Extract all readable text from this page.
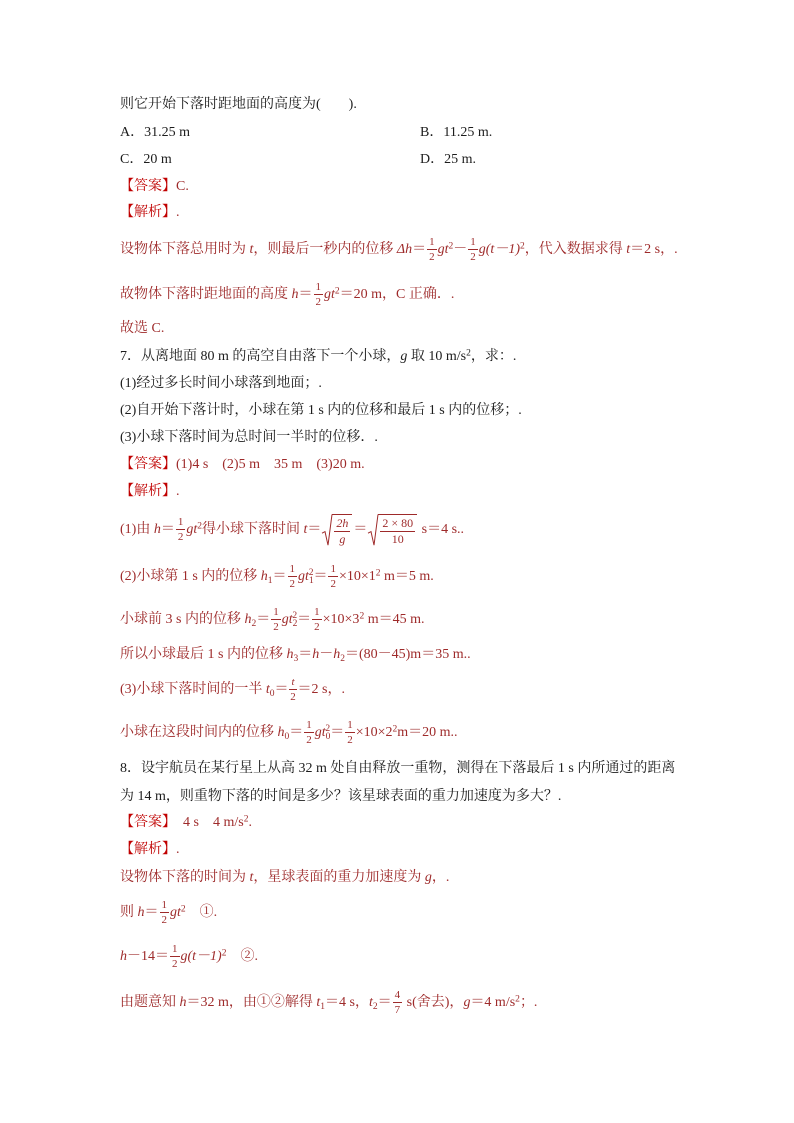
则它开始下落时距地面的高度为(　　).
A．31.25 m	B．11.25 m.
C．20 m	D．25 m.
【答案】C.
【解析】.
设物体下落总用时为 t，则最后一秒内的位移 $\Delta h= \frac{1}{2} gt^2- \frac{1}{2} g(t-1)^2$，代入数据求得 t＝2 s，.
故物体下落时距地面的高度 $h= \frac{1}{2} gt^2=20$ m，C 正确．.
故选 C.
7．从离地面 80 m 的高空自由落下一个小球，g 取 10 $m/s^2$，求：.
(1)经过多长时间小球落到地面；.
(2)自开始下落计时，小球在第 1 s 内的位移和最后 1 s 内的位移；.
(3)小球下落时间为总时间一半时的位移．.
【答案】(1)4 s　(2)5 m　35 m　(3)20 m.
【解析】.
(1)由 $h= \frac{1}{2} gt^2$得小球下落时间 $t= \frac{2h}{g} = \frac{2 \times 80}{10} s=4$ s..
(2)小球第 1 s 内的位移 $h_1= \frac{1}{2} gt_1^2= \frac{1}{2} \times 10\times 1^2$ m＝5 m.
小球前 3 s 内的位移 $h_2= \frac{1}{2} gt_2^2= \frac{1}{2} \times 10\times 3^2$ m＝45 m.
所以小球最后 1 s 内的位移 $h_3=h-h_2=(80-45)m=35$ m..
(3)小球下落时间的一半 $t_0= \frac{t}{2} =2$ s，.
小球在这段时间内的位移 $h_0= \frac{1}{2} gt_0^2= \frac{1}{2} \times 10\times 2^2m=20$ m..
8．设宇航员在某行星上从高 32 m 处自由释放一重物，测得在下落最后 1 s 内所通过的距离
为 14 m，则重物下落的时间是多少？该星球表面的重力加速度为多大？.
【答案】　4 s　4 $m/s^2$.
【解析】.
设物体下落的时间为 t，星球表面的重力加速度为 g，.
则 $h= \frac{1}{2} gt^2$　①.
$h-14= \frac{1}{2} g(t-1)^2$　②.
由题意知 h＝32 m，由①②解得 $t_1=4$ s，$t_2= \frac{4}{7} s$(舍去)，g＝4 $m/s^2$；.
